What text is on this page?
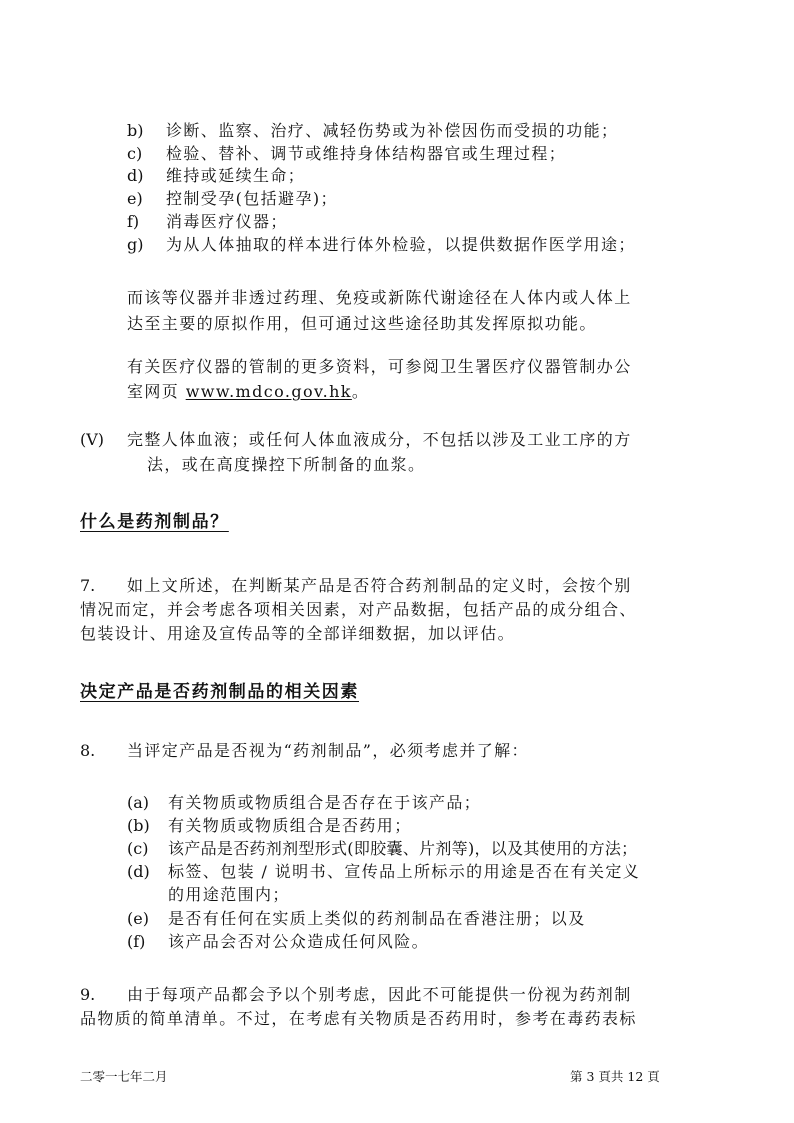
b) 诊断、监察、治疗、减轻伤势或为补偿因伤而受损的功能；
c) 检验、替补、调节或维持身体结构器官或生理过程；
d) 维持或延续生命；
e) 控制受孕(包括避孕)；
f) 消毒医疗仪器；
g) 为从人体抽取的样本进行体外检验，以提供数据作医学用途；
而该等仪器并非透过药理、免疫或新陈代谢途径在人体内或人体上
达至主要的原拟作用，但可通过这些途径助其发挥原拟功能。
有关医疗仪器的管制的更多资料，可参阅卫生署医疗仪器管制办公
室网页 www.mdco.gov.hk。
(V) 完整人体血液；或任何人体血液成分，不包括以涉及工业工序的方
法，或在高度操控下所制备的血浆。
什么是药剂制品？
7. 如上文所述，在判断某产品是否符合药剂制品的定义时，会按个别
情况而定，并会考虑各项相关因素，对产品数据，包括产品的成分组合、
包装设计、用途及宣传品等的全部详细数据，加以评估。
决定产品是否药剂制品的相关因素
8. 当评定产品是否视为“药剂制品”，必须考虑并了解：
(a) 有关物质或物质组合是否存在于该产品；
(b) 有关物质或物质组合是否药用；
(c) 该产品是否药剂剂型形式(即胶囊、片剂等)，以及其使用的方法；
(d) 标签、包装 / 说明书、宣传品上所标示的用途是否在有关定义
的用途范围内；
(e) 是否有任何在实质上类似的药剂制品在香港注册；以及
(f) 该产品会否对公众造成任何风险。
9. 由于每项产品都会予以个别考虑，因此不可能提供一份视为药剂制
品物质的简单清单。不过，在考虑有关物质是否药用时，参考在毒药表标
二零一七年二月	第 3 頁共 12 頁
